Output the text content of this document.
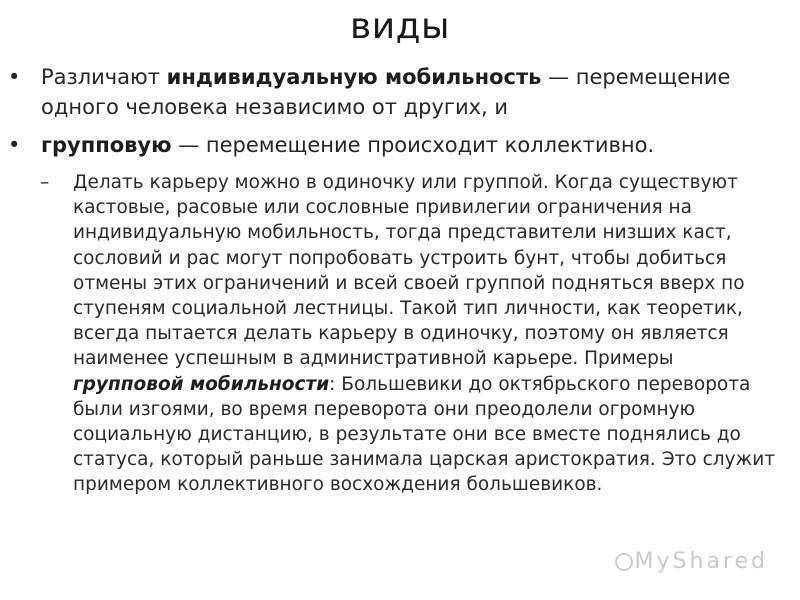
виды
• Различают индивидуальную мобильность — перемещение одного человека независимо от других, и
• групповую — перемещение происходит коллективно.
– Делать карьеру можно в одиночку или группой. Когда существуют кастовые, расовые или сословные привилегии ограничения на индивидуальную мобильность, тогда представители низших каст, сословий и рас могут попробовать устроить бунт, чтобы добиться отмены этих ограничений и всей своей группой подняться вверх по ступеням социальной лестницы. Такой тип личности, как теоретик, всегда пытается делать карьеру в одиночку, поэтому он является наименее успешным в административной карьере. Примеры групповой мобильности: Большевики до октябрьского переворота были изгоями, во время переворота они преодолели огромную социальную дистанцию, в результате они все вместе поднялись до статуса, который раньше занимала царская аристократия. Это служит примером коллективного восхождения большевиков.
MyShared
